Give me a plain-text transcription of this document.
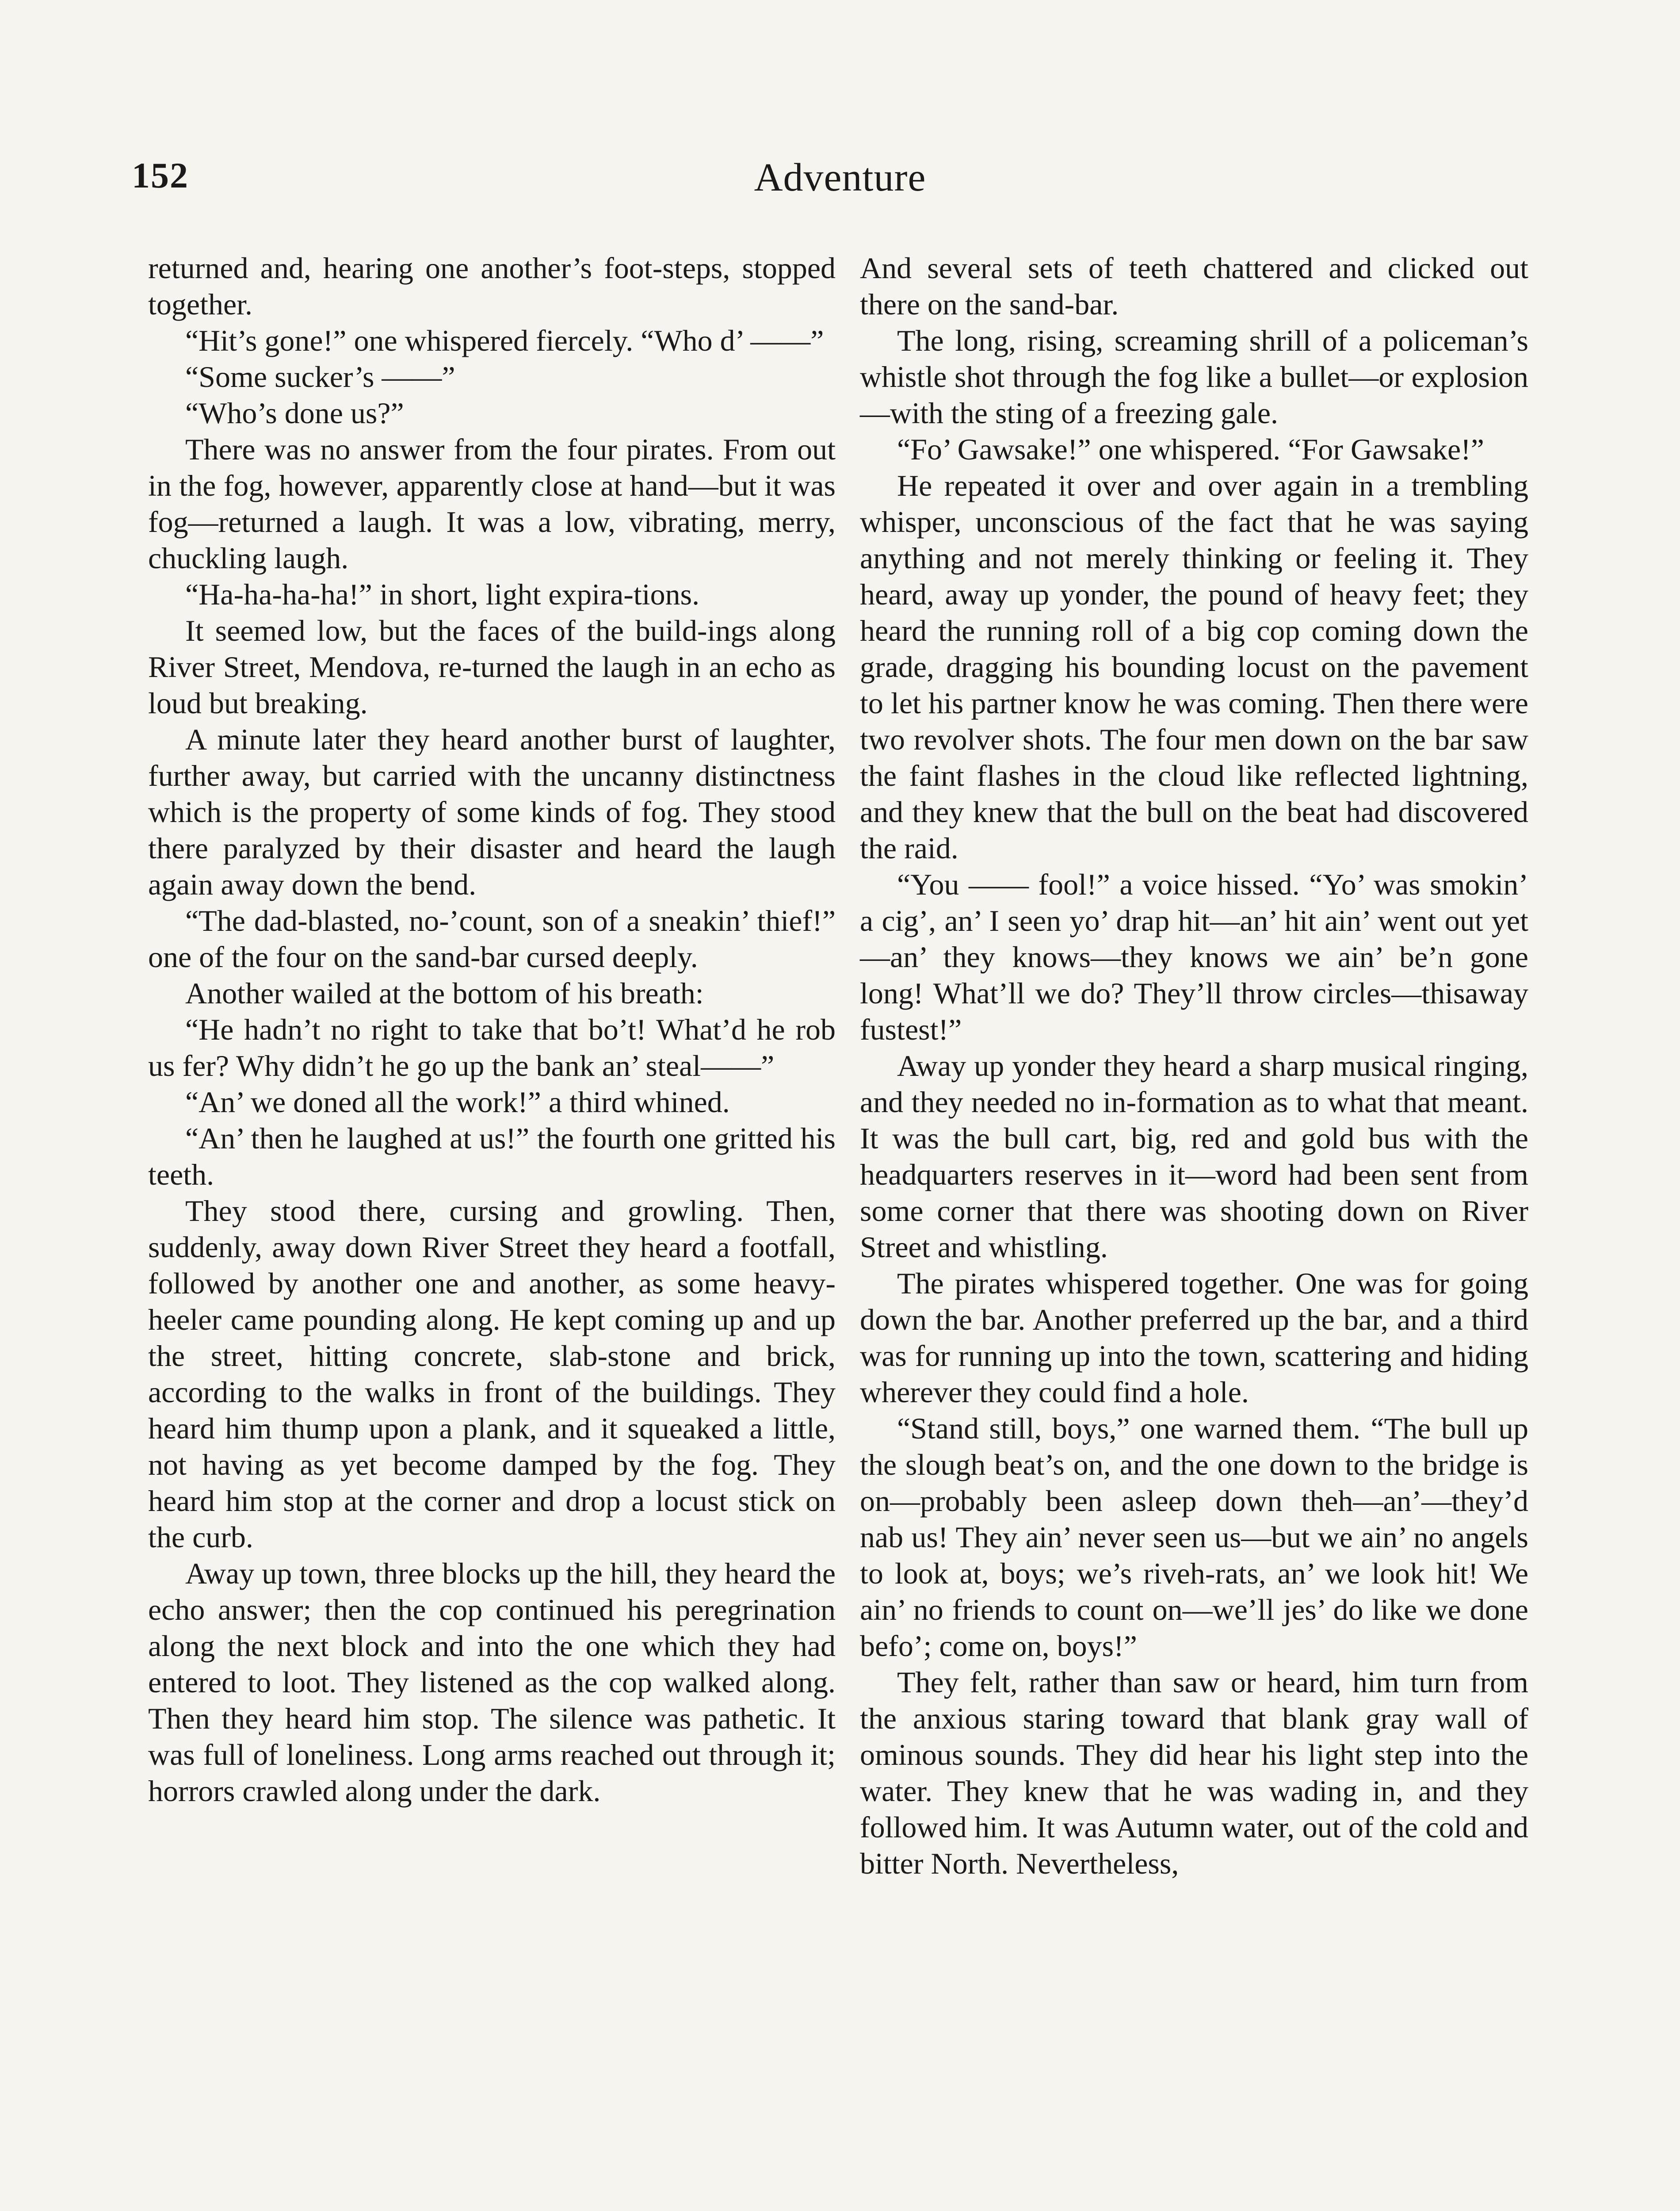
152	Adventure

returned and, hearing one another’s foot-steps, stopped together.

“Hit’s gone!” one whispered fiercely. “Who d’ ——”

“Some sucker’s ——”

“Who’s done us?”

There was no answer from the four pirates. From out in the fog, however, apparently close at hand—but it was fog—returned a laugh. It was a low, vibrating, merry, chuckling laugh.

“Ha-ha-ha-ha!” in short, light expira-tions.

It seemed low, but the faces of the build-ings along River Street, Mendova, re-turned the laugh in an echo as loud but breaking.

A minute later they heard another burst of laughter, further away, but carried with the uncanny distinctness which is the property of some kinds of fog. They stood there paralyzed by their disaster and heard the laugh again away down the bend.

“The dad-blasted, no-’count, son of a sneakin’ thief!” one of the four on the sand-bar cursed deeply.

Another wailed at the bottom of his breath:

“He hadn’t no right to take that bo’t! What’d he rob us fer? Why didn’t he go up the bank an’ steal——”

“An’ we doned all the work!” a third whined.

“An’ then he laughed at us!” the fourth one gritted his teeth.

They stood there, cursing and growling. Then, suddenly, away down River Street they heard a footfall, followed by another one and another, as some heavy-heeler came pounding along. He kept coming up and up the street, hitting concrete, slab-stone and brick, according to the walks in front of the buildings. They heard him thump upon a plank, and it squeaked a little, not having as yet become damped by the fog. They heard him stop at the corner and drop a locust stick on the curb.

Away up town, three blocks up the hill, they heard the echo answer; then the cop continued his peregrination along the next block and into the one which they had entered to loot. They listened as the cop walked along. Then they heard him stop. The silence was pathetic. It was full of loneliness. Long arms reached out through it; horrors crawled along under the dark.

And several sets of teeth chattered and clicked out there on the sand-bar.

The long, rising, screaming shrill of a policeman’s whistle shot through the fog like a bullet—or explosion—with the sting of a freezing gale.

“Fo’ Gawsake!” one whispered. “For Gawsake!”

He repeated it over and over again in a trembling whisper, unconscious of the fact that he was saying anything and not merely thinking or feeling it. They heard, away up yonder, the pound of heavy feet; they heard the running roll of a big cop coming down the grade, dragging his bounding locust on the pavement to let his partner know he was coming. Then there were two revolver shots. The four men down on the bar saw the faint flashes in the cloud like reflected lightning, and they knew that the bull on the beat had discovered the raid.

“You —— fool!” a voice hissed. “Yo’ was smokin’ a cig’, an’ I seen yo’ drap hit—an’ hit ain’ went out yet—an’ they knows—they knows we ain’ be’n gone long! What’ll we do? They’ll throw circles—thisaway fustest!”

Away up yonder they heard a sharp musical ringing, and they needed no in-formation as to what that meant. It was the bull cart, big, red and gold bus with the headquarters reserves in it—word had been sent from some corner that there was shooting down on River Street and whistling.

The pirates whispered together. One was for going down the bar. Another preferred up the bar, and a third was for running up into the town, scattering and hiding wherever they could find a hole.

“Stand still, boys,” one warned them. “The bull up the slough beat’s on, and the one down to the bridge is on—probably been asleep down theh—an’—they’d nab us! They ain’ never seen us—but we ain’ no angels to look at, boys; we’s riveh-rats, an’ we look hit! We ain’ no friends to count on—we’ll jes’ do like we done befo’; come on, boys!”

They felt, rather than saw or heard, him turn from the anxious staring toward that blank gray wall of ominous sounds. They did hear his light step into the water. They knew that he was wading in, and they followed him. It was Autumn water, out of the cold and bitter North. Nevertheless,
